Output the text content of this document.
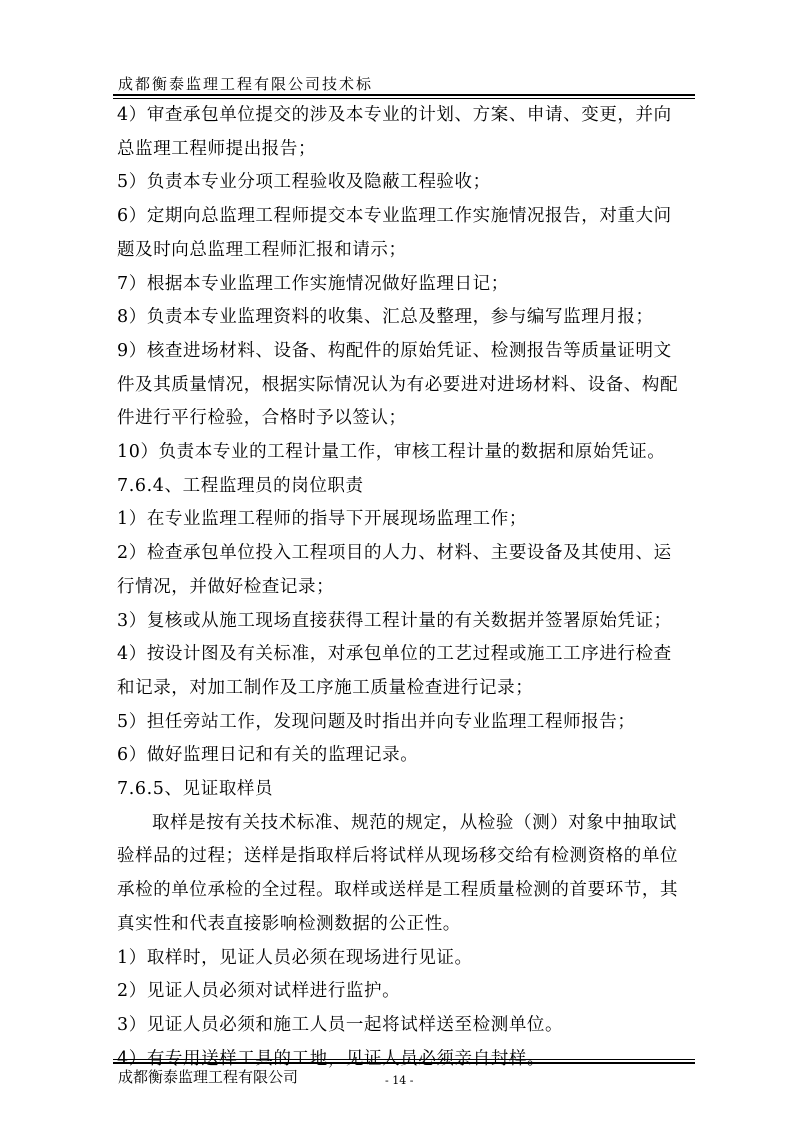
成都衡泰监理工程有限公司技术标

4）审查承包单位提交的涉及本专业的计划、方案、申请、变更，并向

总监理工程师提出报告；

5）负责本专业分项工程验收及隐蔽工程验收；

6）定期向总监理工程师提交本专业监理工作实施情况报告，对重大问

题及时向总监理工程师汇报和请示；

7）根据本专业监理工作实施情况做好监理日记；

8）负责本专业监理资料的收集、汇总及整理，参与编写监理月报；

9）核查进场材料、设备、构配件的原始凭证、检测报告等质量证明文

件及其质量情况，根据实际情况认为有必要进对进场材料、设备、构配

件进行平行检验，合格时予以签认；

10）负责本专业的工程计量工作，审核工程计量的数据和原始凭证。

7.6.4、工程监理员的岗位职责

1）在专业监理工程师的指导下开展现场监理工作；

2）检查承包单位投入工程项目的人力、材料、主要设备及其使用、运

行情况，并做好检查记录；

3）复核或从施工现场直接获得工程计量的有关数据并签署原始凭证；

4）按设计图及有关标准，对承包单位的工艺过程或施工工序进行检查

和记录，对加工制作及工序施工质量检查进行记录；

5）担任旁站工作，发现问题及时指出并向专业监理工程师报告；

6）做好监理日记和有关的监理记录。

7.6.5、见证取样员

取样是按有关技术标准、规范的规定，从检验（测）对象中抽取试

验样品的过程；送样是指取样后将试样从现场移交给有检测资格的单位

承检的单位承检的全过程。取样或送样是工程质量检测的首要环节，其

真实性和代表直接影响检测数据的公正性。

1）取样时，见证人员必须在现场进行见证。

2）见证人员必须对试样进行监护。

3）见证人员必须和施工人员一起将试样送至检测单位。

成都衡泰监理工程有限公司	- 14 -
